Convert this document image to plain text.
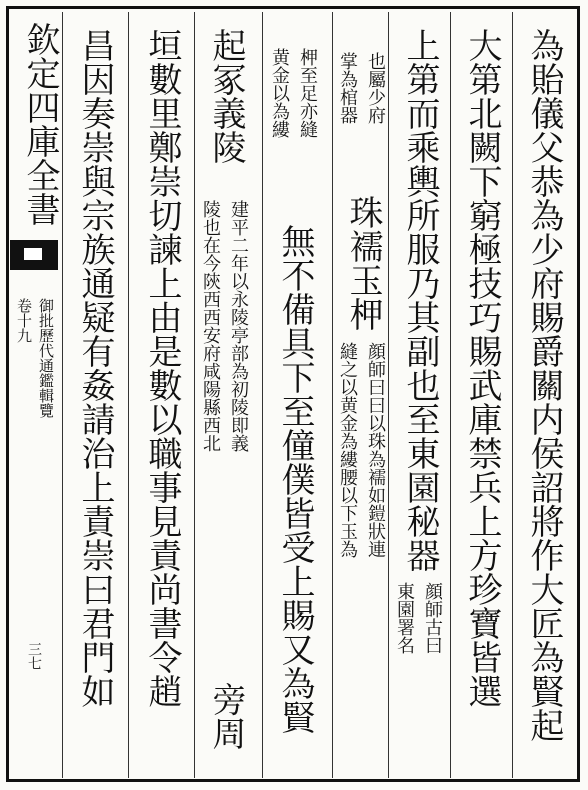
為貽儀父恭為少府賜爵關内侯詔將作大匠為賢起
大第北闕下窮極技巧賜武庫禁兵上方珍寶皆選
上第而乘輿所服乃其副也至東園秘器
顔師古曰
東園署名
也屬少府
掌為棺器
珠襦玉柙
顔師曰曰以珠為襦如鎧狀連
縫之以黄金為縷腰以下玉為
柙至足亦縫
黄金以為縷
無不備具下至僮僕皆受上賜又為賢
起冢義陵
建平二年以永陵亭部為初陵即義
陵也在今陝西西安府咸陽縣西北
旁周
垣數里鄭崇切諫上由是數以職事見責尚書令趙
昌因奏崇與宗族通疑有姦請治上責崇曰君門如
欽定四庫全書
御批歷代通鑑輯覽
卷十九
三七
